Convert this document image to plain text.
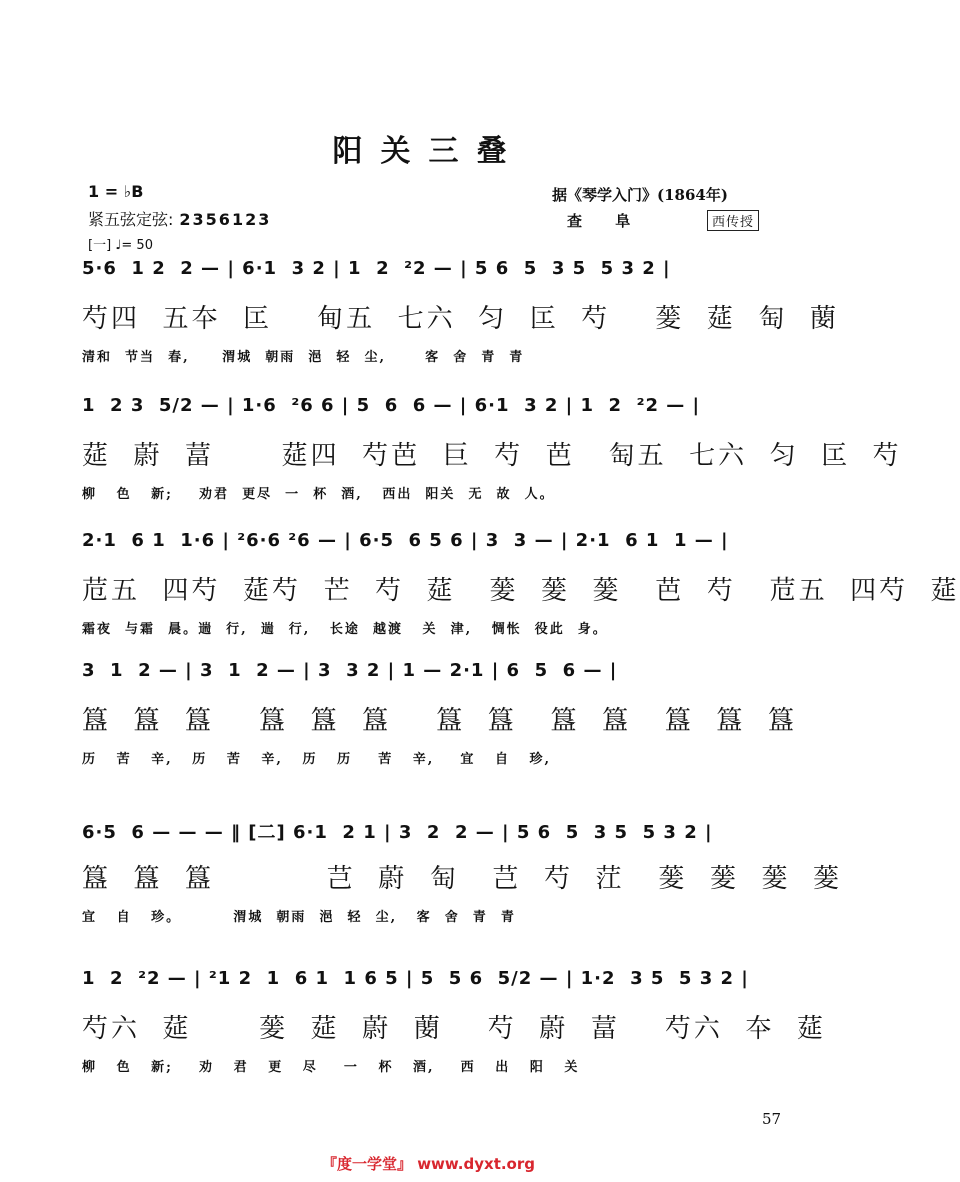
阳关三叠
1 = ♭B
紧五弦定弦: 2356123
[一] ♩= 50
据《琴学入门》(1864年)
查 阜	西传授
5·6  1 2  2 — | 6·1  3 2 | 1  2  ²2 — | 5 6  5  3 5  5 3 2 |
芍四  五夲  匞    甸五  七六  匀  匞  芍    蓌  莚  匋  蔅
清和  节当  春,     渭城  朝雨  浥  轻  尘,      客  舍  青  青
1  2 3  5/2 — | 1·6  ²6 6 | 5  6  6 — | 6·1  3 2 | 1  2  ²2 — |
莚  蔚  葍      莚四  芍芭  巨  芍  芭   匋五  七六  匀  匞  芍
柳   色   新;    劝君  更尽  一  杯  酒,   西出  阳关  无  故  人。
2·1  6 1  1·6 | ²6·6 ²6 — | 6·5  6 5 6 | 3  3 — | 2·1  6 1  1 — |
苊五  四芍  莚芍  芒  芍  莚   蓌  蓌  蓌   芭  芍   苊五  四芍  莚
霜夜  与霜  晨。遄  行,  遄  行,   长途  越渡   关  津,   惆怅  役此  身。
3  1  2 — | 3  1  2 — | 3  3 2 | 1 — 2·1 | 6  5  6 — |
簋  簋  簋    簋  簋  簋    簋  簋   簋  簋   簋  簋  簋
历   苦   辛,   历   苦   辛,   历   历    苦   辛,    宜   自   珍,
6·5  6 — — — ‖ [二] 6·1  2 1 | 3  2  2 — | 5 6  5  3 5  5 3 2 |
簋  簋  簋          芑  蔚  匋   芑  芍  茳   蓌  蓌  蓌  蓌
宜   自   珍。        渭城  朝雨  浥  轻  尘,   客  舍  青  青
1  2  ²2 — | ²1 2  1  6 1  1 6 5 | 5  5 6  5/2 — | 1·2  3 5  5 3 2 |
芍六  莚      蓌  莚  蔚  蔅    芍  蔚  葍    芍六  夲  莚
柳   色   新;    劝   君   更   尽    一   杯   酒,    西   出   阳   关
57
『度一学堂』 www.dyxt.org
